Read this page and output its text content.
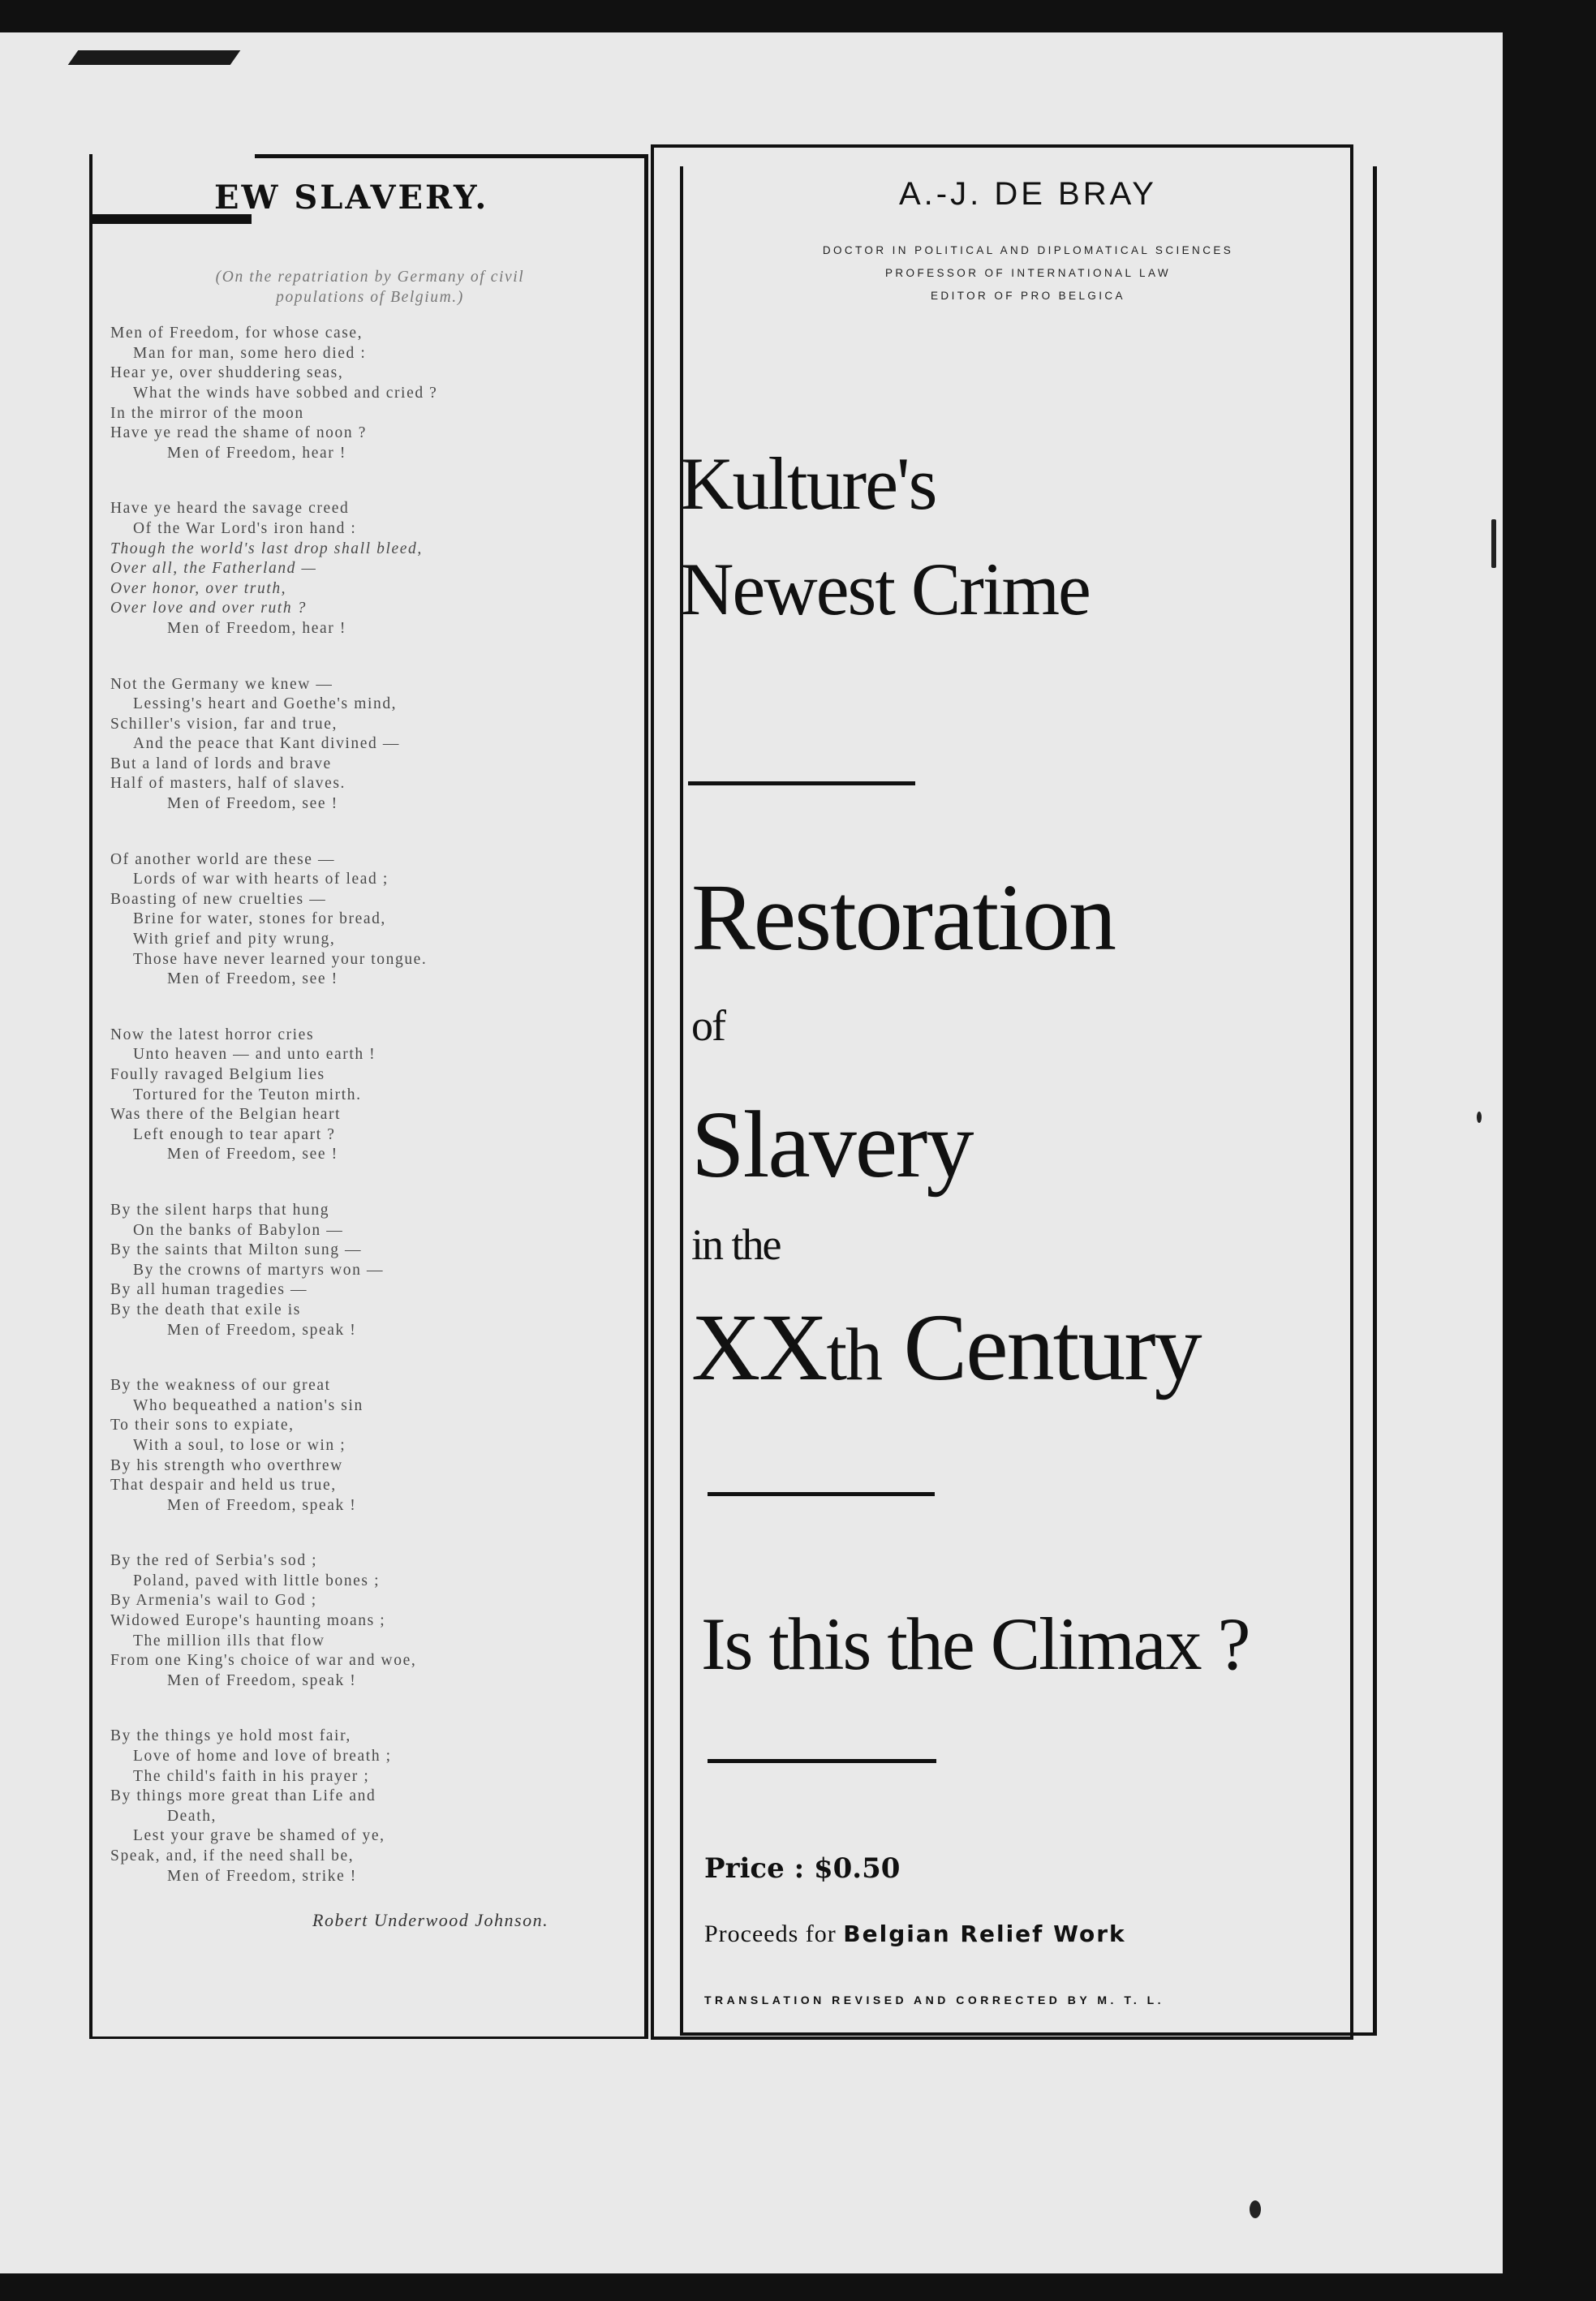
EW SLAVERY.
(On the repatriation by Germany of civil
populations of Belgium.)
Men of Freedom, for whose case,
Man for man, some hero died :
Hear ye, over shuddering seas,
What the winds have sobbed and cried ?
In the mirror of the moon
Have ye read the shame of noon ?
Men of Freedom, hear !
Have ye heard the savage creed
Of the War Lord's iron hand :
Though the world's last drop shall bleed,
Over all, the Fatherland —
Over honor, over truth,
Over love and over ruth ?
Men of Freedom, hear !
Not the Germany we knew —
Lessing's heart and Goethe's mind,
Schiller's vision, far and true,
And the peace that Kant divined —
But a land of lords and brave
Half of masters, half of slaves.
Men of Freedom, see !
Of another world are these —
Lords of war with hearts of lead ;
Boasting of new cruelties —
Brine for water, stones for bread,
With grief and pity wrung,
Those have never learned your tongue.
Men of Freedom, see !
Now the latest horror cries
Unto heaven — and unto earth !
Foully ravaged Belgium lies
Tortured for the Teuton mirth.
Was there of the Belgian heart
Left enough to tear apart ?
Men of Freedom, see !
By the silent harps that hung
On the banks of Babylon —
By the saints that Milton sung —
By the crowns of martyrs won —
By all human tragedies —
By the death that exile is
Men of Freedom, speak !
By the weakness of our great
Who bequeathed a nation's sin
To their sons to expiate,
With a soul, to lose or win ;
By his strength who overthrew
That despair and held us true,
Men of Freedom, speak !
By the red of Serbia's sod ;
Poland, paved with little bones ;
By Armenia's wail to God ;
Widowed Europe's haunting moans ;
The million ills that flow
From one King's choice of war and woe,
Men of Freedom, speak !
By the things ye hold most fair,
Love of home and love of breath ;
The child's faith in his prayer ;
By things more great than Life and
Death,
Lest your grave be shamed of ye,
Speak, and, if the need shall be,
Men of Freedom, strike !
Robert Underwood Johnson.
A.-J. DE BRAY
DOCTOR IN POLITICAL AND DIPLOMATICAL SCIENCES
PROFESSOR OF INTERNATIONAL LAW
EDITOR OF PRO BELGICA
Kulture's
Newest Crime
Restoration
of
Slavery
in the
XXth Century
Is this the Climax ?
Price : $0.50
Proceeds for Belgian Relief Work
TRANSLATION REVISED AND CORRECTED BY M. T. L.
